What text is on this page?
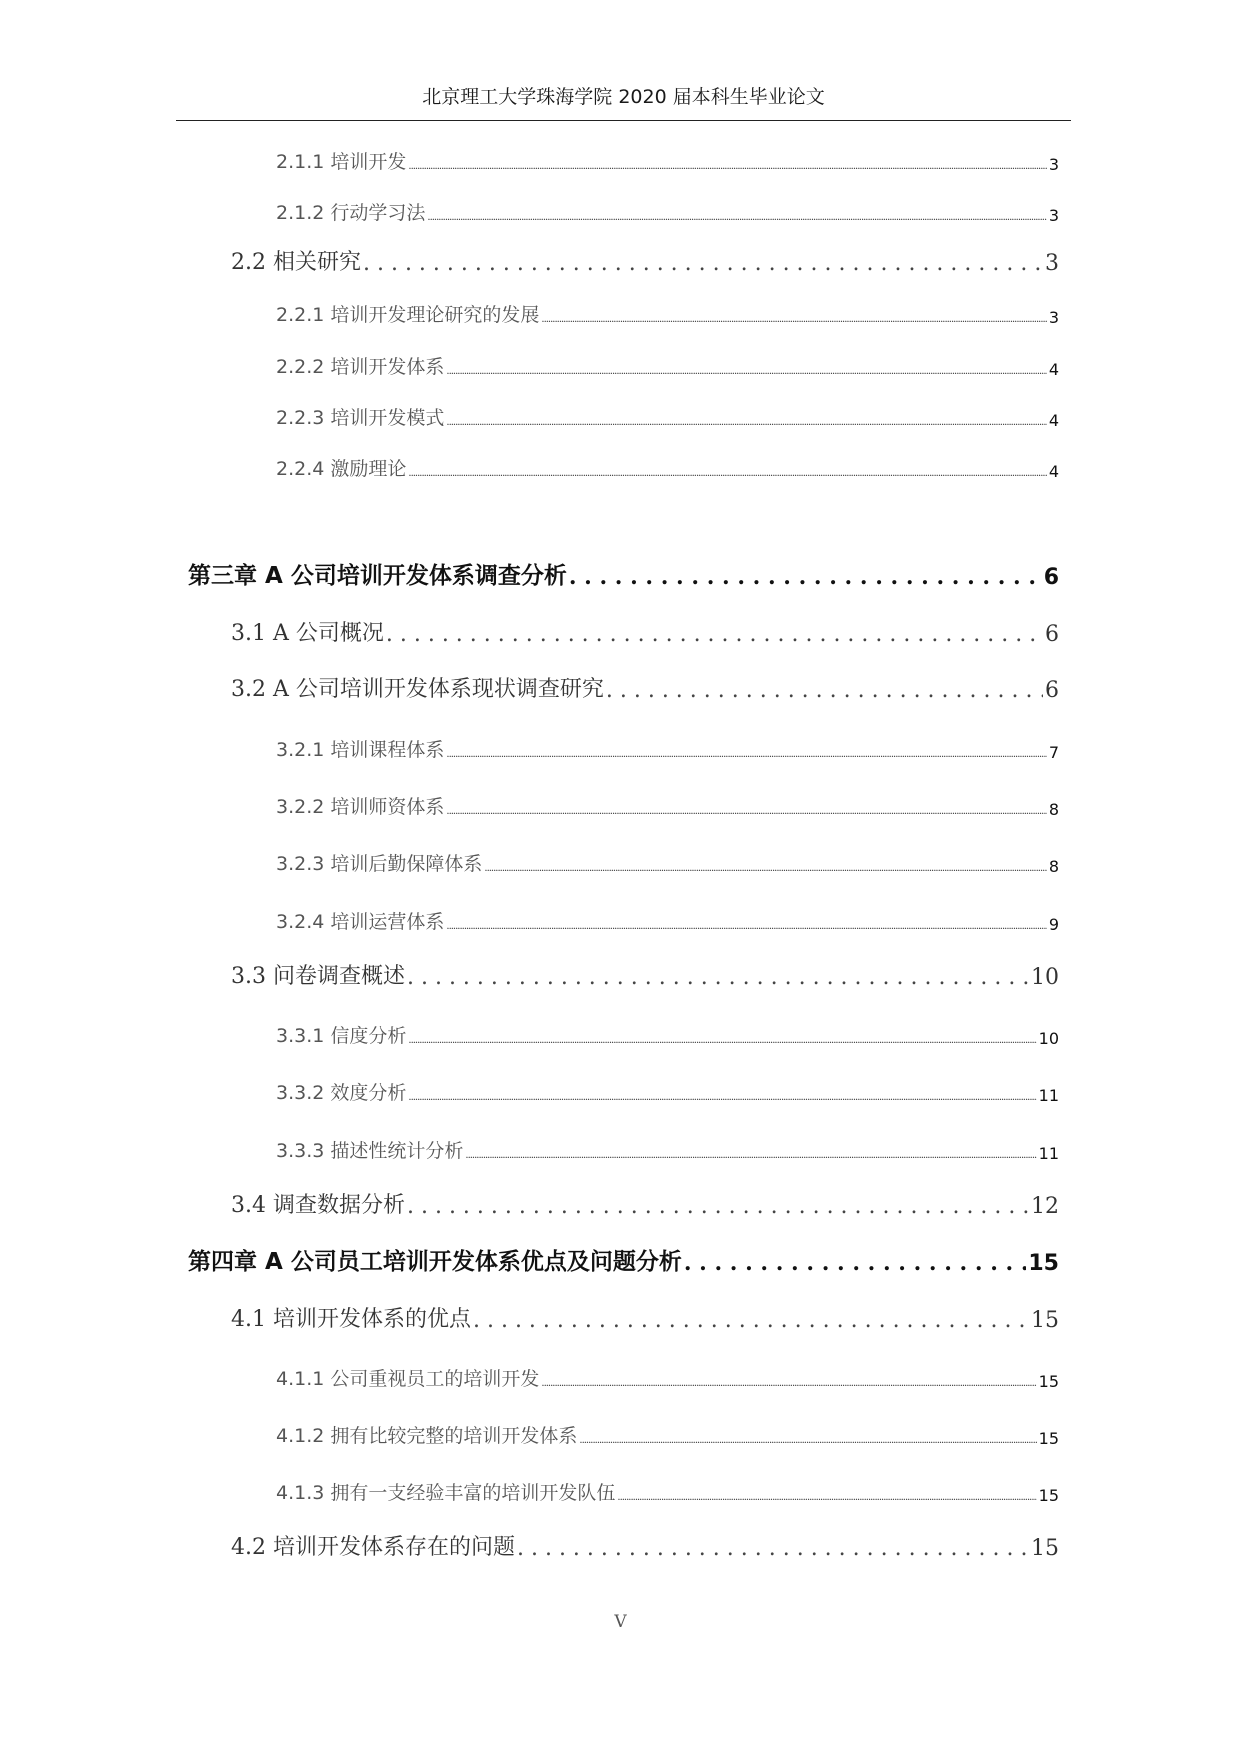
北京理工大学珠海学院 2020 届本科生毕业论文
2.1.1 培训开发 .....	3
2.1.2 行动学习法 .....	3
2.2 相关研究 . . .	3
2.2.1 培训开发理论研究的发展 .....	3
2.2.2 培训开发体系 .....	4
2.2.3 培训开发模式 .....	4
2.2.4 激励理论 .....	4
第三章 A 公司培训开发体系调查分析 . . .	6
3.1 A 公司概况 . . .	6
3.2 A 公司培训开发体系现状调查研究 . . .	6
3.2.1 培训课程体系 .....	7
3.2.2 培训师资体系 .....	8
3.2.3 培训后勤保障体系 .....	8
3.2.4 培训运营体系 .....	9
3.3 问卷调查概述 . . .	10
3.3.1 信度分析 .....	10
3.3.2 效度分析 .....	11
3.3.3 描述性统计分析 .....	11
3.4 调查数据分析 . . .	12
第四章 A 公司员工培训开发体系优点及问题分析 . . .	15
4.1 培训开发体系的优点 . . .	15
4.1.1 公司重视员工的培训开发 .....	15
4.1.2 拥有比较完整的培训开发体系 .....	15
4.1.3 拥有一支经验丰富的培训开发队伍 .....	15
4.2 培训开发体系存在的问题 . . .	15
V
